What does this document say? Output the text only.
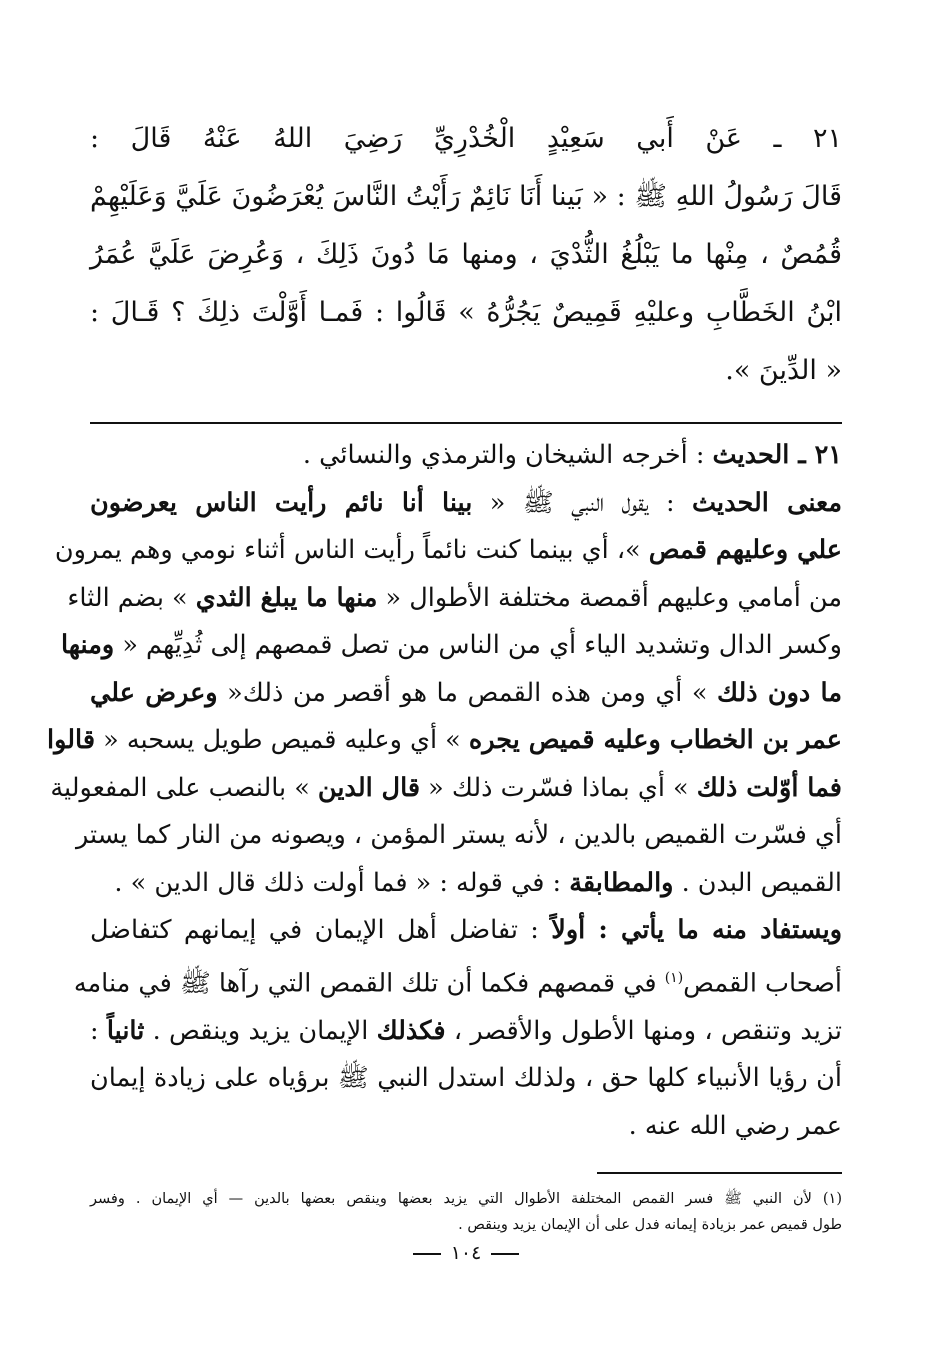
٢١ ـ عَنْ أَبي سَعِيْدٍ الْخُدْرِيِّ رَضِيَ اللهُ عَنْهُ قَالَ :
قَالَ رَسُولُ اللهِ ﷺ : « بَينا أَنَا نَائِمٌ رَأَيْتُ النَّاسَ يُعْرَضُونَ عَلَيَّ وَعَلَيْهِمْ
قُمُصٌ ، مِنْها ما يَبْلُغُ الثُّدْيَ ، ومنها مَا دُونَ ذَلِكَ ، وَعُرِضَ عَلَيَّ عُمَرُ
ابْنُ الخَطَّابِ وعليْهِ قَمِيصٌ يَجُرُّهُ » قَالُوا : فَمـا أَوَّلْتَ ذلِكَ ؟ قَـالَ :
« الدِّينَ ».
٢١ ـ الحديث : أخرجه الشيخان والترمذي والنسائي .
معنى الحديث : يقول النبي ﷺ « بينا أنا نائم رأيت الناس يعرضون
علي وعليهم قمص »، أي بينما كنت نائماً رأيت الناس أثناء نومي وهم يمرون
من أمامي وعليهم أقمصة مختلفة الأطوال « منها ما يبلغ الثدي » بضم الثاء
وكسر الدال وتشديد الياء أي من الناس من تصل قمصهم إلى ثُدِيِّهم « ومنها
ما دون ذلك » أي ومن هذه القمص ما هو أقصر من ذلك« وعرض علي
عمر بن الخطاب وعليه قميص يجره » أي وعليه قميص طويل يسحبه « قالوا
فما أوّلت ذلك » أي بماذا فسّرت ذلك « قال الدين » بالنصب على المفعولية
أي فسّرت القميص بالدين ، لأنه يستر المؤمن ، ويصونه من النار كما يستر
القميص البدن . والمطابقة : في قوله : « فما أولت ذلك قال الدين » .
ويستفاد منه ما يأتي : أولاً : تفاضل أهل الإيمان في إيمانهم كتفاضل
أصحاب القمص$^{(١)}$ في قمصهم فكما أن تلك القمص التي رآها ﷺ في منامه
تزيد وتنقص ، ومنها الأطول والأقصر ، فكذلك الإيمان يزيد وينقص . ثانياً :
أن رؤيا الأنبياء كلها حق ، ولذلك استدل النبي ﷺ برؤياه على زيادة إيمان
عمر رضي الله عنه .
(١) لأن النبي ﷺ فسر القمص المختلفة الأطوال التي يزيد بعضها وينقص بعضها بالدين — أي الإيمان . وفسر
طول قميص عمر بزيادة إيمانه فدل على أن الإيمان يزيد وينقص .
١٠٤
